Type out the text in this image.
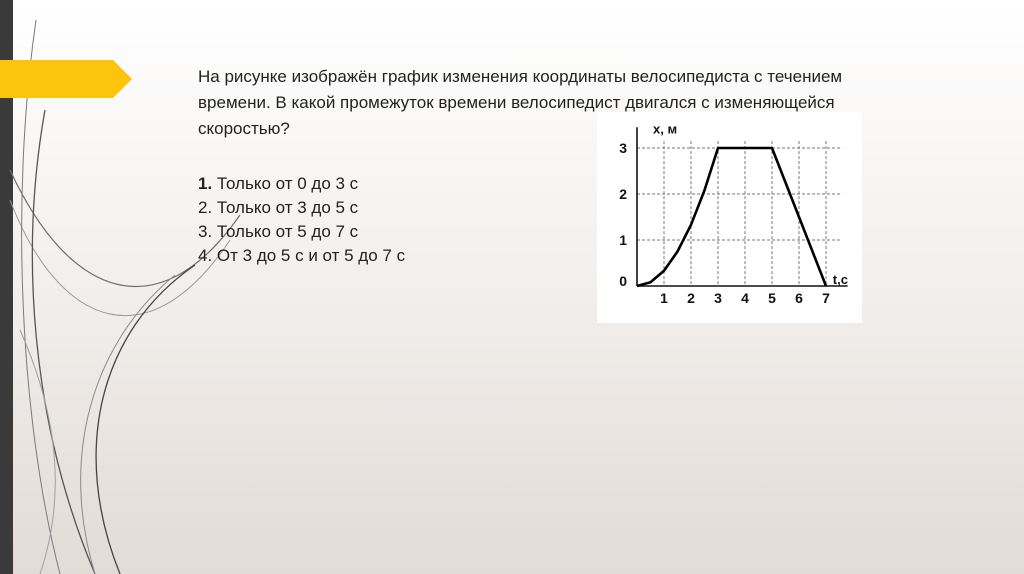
На рисунке изображён график изменения координаты велосипедиста с течением
времени. В какой промежуток времени велосипедист двигался с изменяющейся
скоростью?
1. Только от 0 до 3 с
2. Только от 3 до 5 с
3. Только от 5 до 7 с
4. От 3 до 5 с и от 5 до 7 с
1 2 3 4 5 6 7
1
2
3
0
x, м
t,c
